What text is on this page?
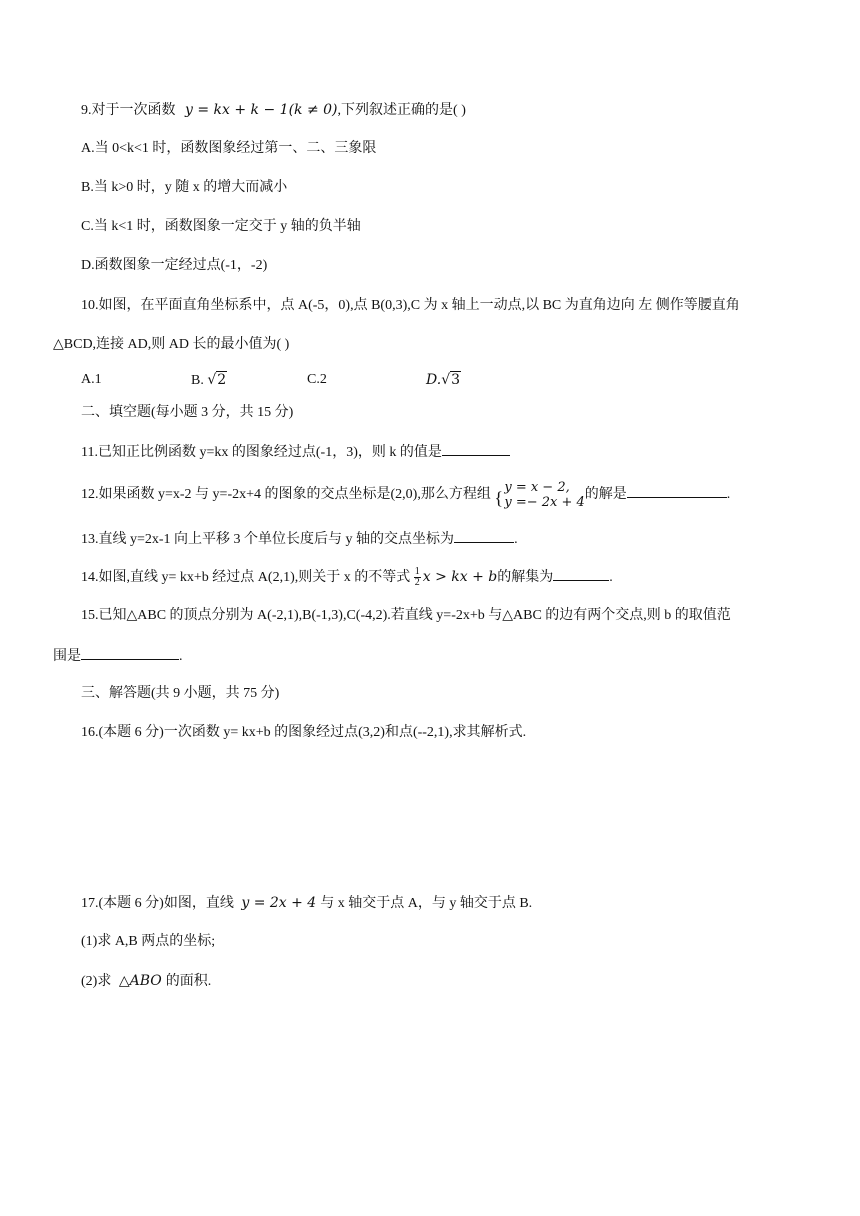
9.对于一次函数 y = kx + k − 1(k ≠ 0),下列叙述正确的是( )
A.当 0<k<1 时，函数图象经过第一、二、三象限
B.当 k>0 时，y 随 x 的增大而减小
C.当 k<1 时，函数图象一定交于 y 轴的负半轴
D.函数图象一定经过点(-1，-2)
10.如图，在平面直角坐标系中，点 A(-5，0),点 B(0,3),C 为 x 轴上一动点,以 BC 为直角边向 左 侧作等腰直角
△BCD,连接 AD,则 AD 长的最小值为( )
A.1	B. √2	C.2	D.√3
二、填空题(每小题 3 分，共 15 分)
11.已知正比例函数 y=kx 的图象经过点(-1，3)，则 k 的值是
12.如果函数 y=x-2 与 y=-2x+4 的图象的交点坐标是(2,0),那么方程组 {
y = x − 2,
y =− 2x + 4
的解是	.
13.直线 y=2x-1 向上平移 3 个单位长度后与 y 轴的交点坐标为	.
14.如图,直线 y= kx+b 经过点 A(2,1),则关于 x 的不等式 $\frac{1}{2}$ x > kx + b的解集为	.
15.已知△ABC 的顶点分别为 A(-2,1),B(-1,3),C(-4,2).若直线 y=-2x+b 与△ABC 的边有两个交点,则 b 的取值范
围是	.
三、解答题(共 9 小题，共 75 分)
16.(本题 6 分)一次函数 y= kx+b 的图象经过点(3,2)和点(--2,1),求其解析式.
17.(本题 6 分)如图，直线 y = 2x + 4 与 x 轴交于点 A，与 y 轴交于点 B.
(1)求 A,B 两点的坐标;
(2)求 △ABO 的面积.
